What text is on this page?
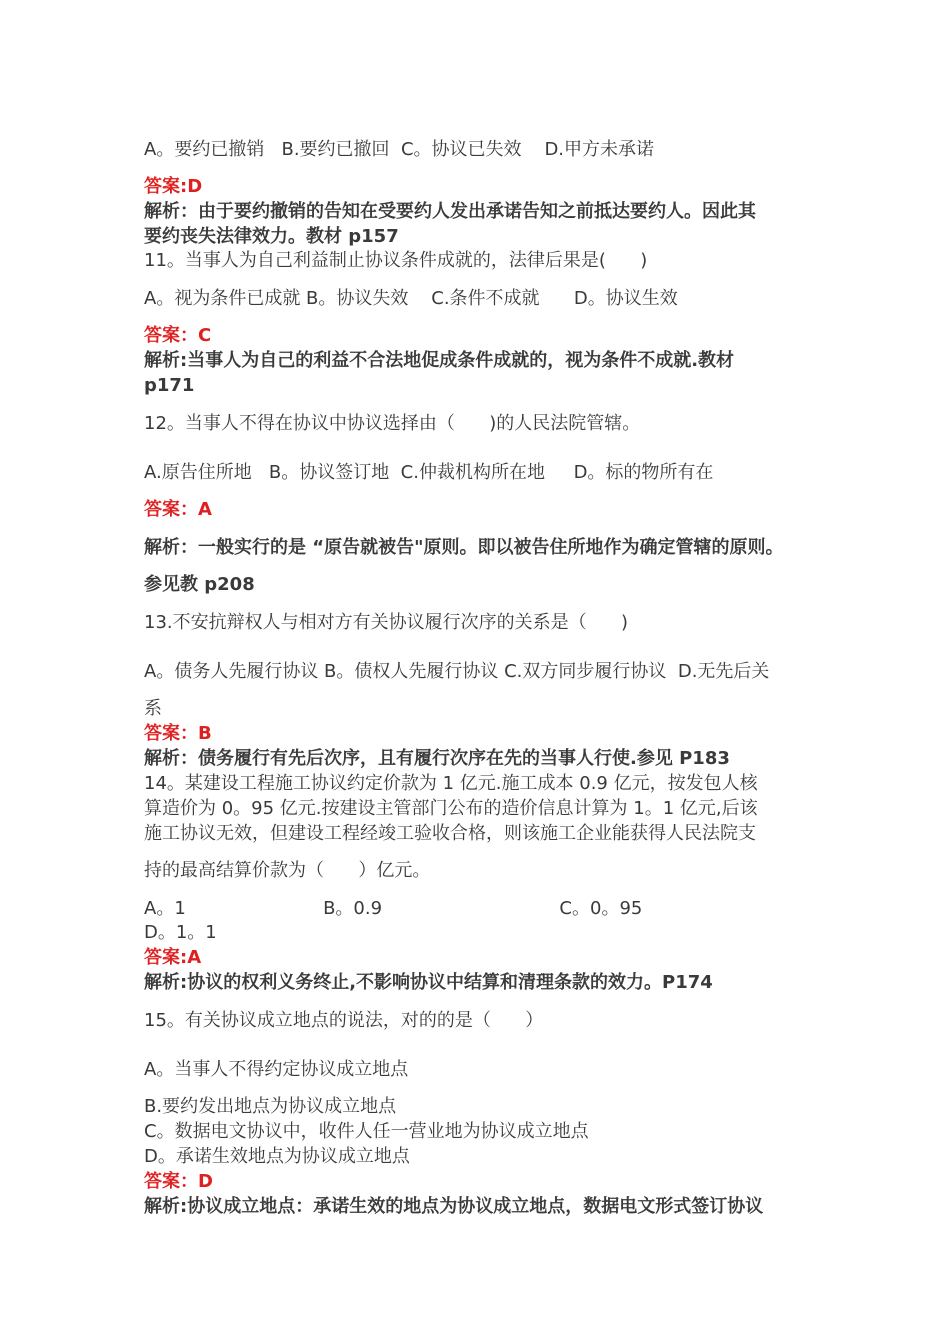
A。要约已撤销   B.要约已撤回  C。协议已失效    D.甲方未承诺
答案:D
解析：由于要约撤销的告知在受要约人发出承诺告知之前抵达要约人。因此其
要约丧失法律效力。教材 p157
11。当事人为自己利益制止协议条件成就的，法律后果是(      )
A。视为条件已成就 B。协议失效    C.条件不成就      D。协议生效
答案：C
解析:当事人为自己的利益不合法地促成条件成就的，视为条件不成就.教材
p171
12。当事人不得在协议中协议选择由（      )的人民法院管辖。
A.原告住所地   B。协议签订地  C.仲裁机构所在地     D。标的物所有在
答案：A
解析：一般实行的是 “原告就被告"原则。即以被告住所地作为确定管辖的原则。
参见教 p208
13.不安抗辩权人与相对方有关协议履行次序的关系是（      )
A。债务人先履行协议 B。债权人先履行协议 C.双方同步履行协议  D.无先后关
系
答案：B
解析：债务履行有先后次序，且有履行次序在先的当事人行使.参见 P183
14。某建设工程施工协议约定价款为 1 亿元.施工成本 0.9 亿元，按发包人核
算造价为 0。95 亿元.按建设主管部门公布的造价信息计算为 1。1 亿元,后该
施工协议无效，但建设工程经竣工验收合格，则该施工企业能获得人民法院支
持的最高结算价款为（      ）亿元。
A。1                        B。0.9                               C。0。95
D。1。1
答案:A
解析:协议的权利义务终止,不影响协议中结算和清理条款的效力。P174
15。有关协议成立地点的说法，对的的是（      ）
A。当事人不得约定协议成立地点
B.要约发出地点为协议成立地点
C。数据电文协议中，收件人任一营业地为协议成立地点
D。承诺生效地点为协议成立地点
答案：D
解析:协议成立地点：承诺生效的地点为协议成立地点，数据电文形式签订协议
